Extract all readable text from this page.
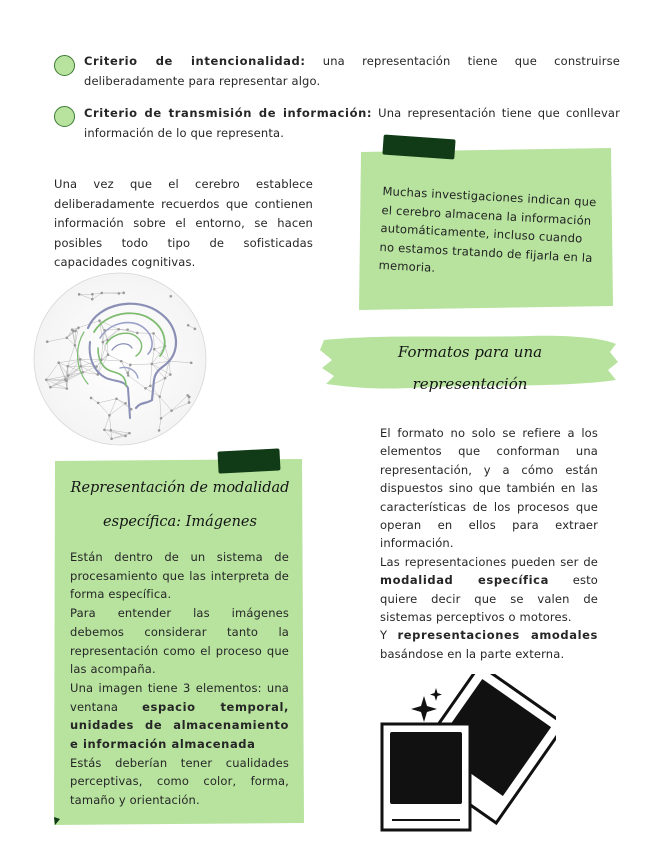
Criterio de intencionalidad: una representación tiene que construirse deliberadamente para representar algo.
Criterio de transmisión de información: Una representación tiene que conllevar información de lo que representa.
Una vez que el cerebro establece deliberadamente recuerdos que contienen información sobre el entorno, se hacen posibles todo tipo de sofisticadas capacidades cognitivas.
Muchas investigaciones indican que el cerebro almacena la información automáticamente, incluso cuando no estamos tratando de fijarla en la memoria.
Formatos para una
representación
El formato no solo se refiere a los elementos que conforman una representación, y a cómo están dispuestos sino que también en las características de los procesos que operan en ellos para extraer información.
Las representaciones pueden ser de modalidad específica esto quiere decir que se valen de sistemas perceptivos o motores.
Y representaciones amodales basándose en la parte externa.
Representación de modalidad
específica: Imágenes
Están dentro de un sistema de procesamiento que las interpreta de forma específica.
Para entender las imágenes debemos considerar tanto la representación como el proceso que las acompaña.
Una imagen tiene 3 elementos: una ventana espacio temporal, unidades de almacenamiento e información almacenada
Estás deberían tener cualidades perceptivas, como color, forma, tamaño y orientación.
